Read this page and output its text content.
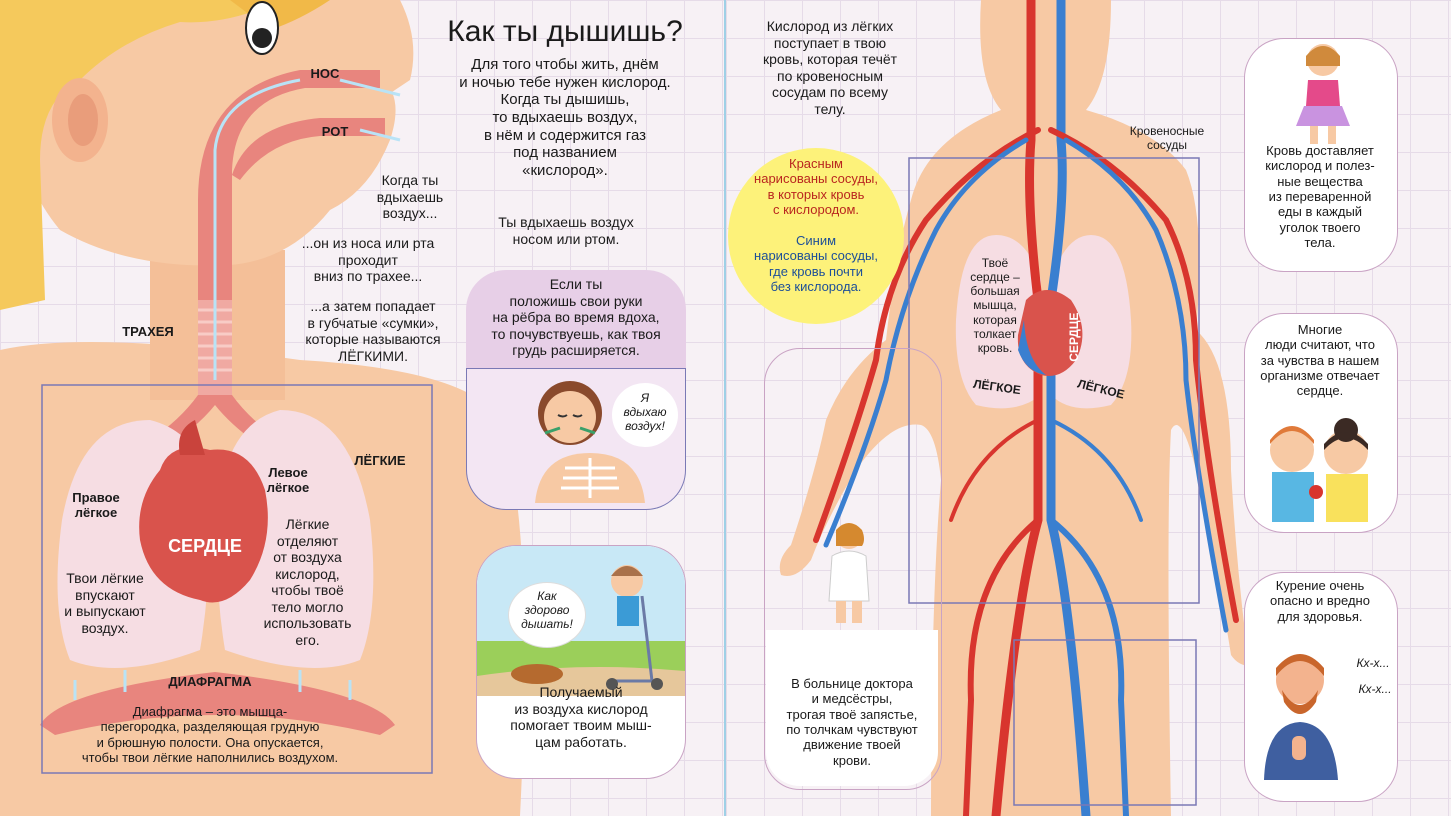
Как ты дышишь?
Для того чтобы жить, днём
и ночью тебе нужен кислород.
Когда ты дышишь,
то вдыхаешь воздух,
в нём и содержится газ
под названием
«кислород».
Ты вдыхаешь воздух
носом или ртом.
НОС
РОТ
Когда ты
вдыхаешь
воздух...
...он из носа или рта
проходит
вниз по трахее...
...а затем попадает
в губчатые «сумки»,
которые называются
ЛЁГКИМИ.
ТРАХЕЯ
ЛЁГКИЕ
Правое
лёгкое
Левое
лёгкое
СЕРДЦЕ
Твои лёгкие
впускают
и выпускают
воздух.
Лёгкие
отделяют
от воздуха
кислород,
чтобы твоё
тело могло
использовать
его.
ДИАФРАГМА
Диафрагма – это мышца-
перегородка, разделяющая грудную
и брюшную полости. Она опускается,
чтобы твои лёгкие наполнились воздухом.
Если ты
положишь свои руки
на рёбра во время вдоха,
то почувствуешь, как твоя
грудь расширяется.
Я
вдыхаю
воздух!
Получаемый
из воздуха кислород
помогает твоим мыш-
цам работать.
Как
здорово
дышать!
Кислород из лёгких
поступает в твою
кровь, которая течёт
по кровеносным
сосудам по всему
телу.
Кровеносные
сосуды
Красным
нарисованы сосуды,
в которых кровь
с кислородом.
Синим
нарисованы сосуды,
где кровь почти
без кислорода.
Твоё
сердце –
большая
мышца,
которая
толкает
кровь.	СЕРДЦЕ
ЛЁГКОЕ	ЛЁГКОЕ
В больнице доктора
и медсёстры,
трогая твоё запястье,
по толчкам чувствуют
движение твоей
крови.
Кровь доставляет
кислород и полез-
ные вещества
из переваренной
еды в каждый
уголок твоего
тела.
Многие
люди считают, что
за чувства в нашем
организме отвечает
сердце.
Курение очень
опасно и вредно
для здоровья.
Кх-х...
Кх-х...
